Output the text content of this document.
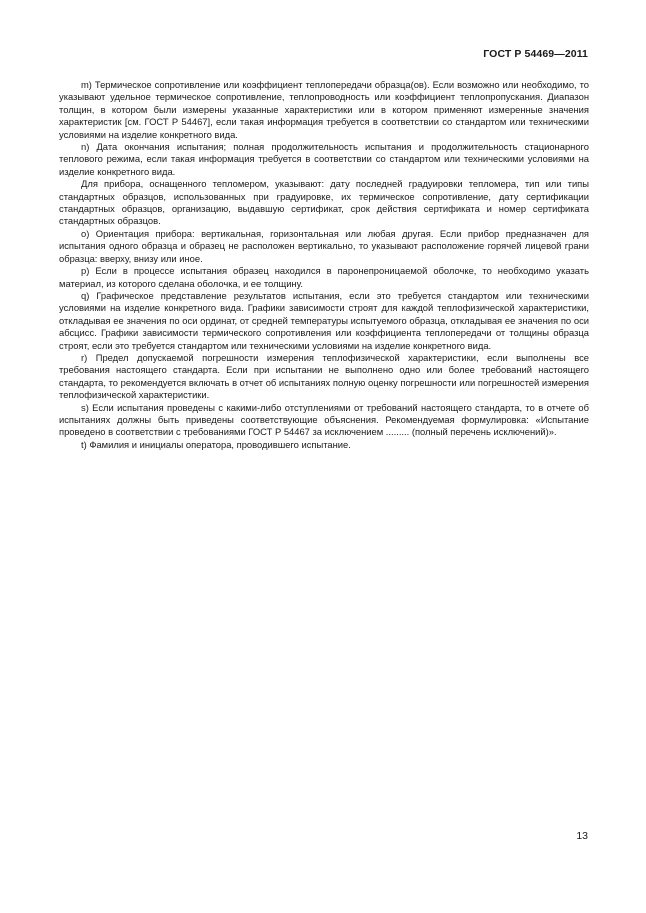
ГОСТ Р 54469—2011

m) Термическое сопротивление или коэффициент теплопередачи образца(ов). Если возможно или необходимо, то указывают удельное термическое сопротивление, теплопроводность или коэффициент теплопропускания. Диапазон толщин, в котором были измерены указанные характеристики или в котором применяют измеренные значения характеристик [см. ГОСТ Р 54467], если такая информация требуется в соответствии со стандартом или техническими условиями на изделие конкретного вида.

n) Дата окончания испытания; полная продолжительность испытания и продолжительность стационарного теплового режима, если такая информация требуется в соответствии со стандартом или техническими условиями на изделие конкретного вида.

Для прибора, оснащенного тепломером, указывают: дату последней градуировки тепломера, тип или типы стандартных образцов, использованных при градуировке, их термическое сопротивление, дату сертификации стандартных образцов, организацию, выдавшую сертификат, срок действия сертификата и номер сертификата стандартных образцов.

o) Ориентация прибора: вертикальная, горизонтальная или любая другая. Если прибор предназначен для испытания одного образца и образец не расположен вертикально, то указывают расположение горячей лицевой грани образца: вверху, внизу или иное.

p) Если в процессе испытания образец находился в паронепроницаемой оболочке, то необходимо указать материал, из которого сделана оболочка, и ее толщину.

q) Графическое представление результатов испытания, если это требуется стандартом или техническими условиями на изделие конкретного вида. Графики зависимости строят для каждой теплофизической характеристики, откладывая ее значения по оси ординат, от средней температуры испытуемого образца, откладывая ее значения по оси абсцисс. Графики зависимости термического сопротивления или коэффициента теплопередачи от толщины образца строят, если это требуется стандартом или техническими условиями на изделие конкретного вида.

r) Предел допускаемой погрешности измерения теплофизической характеристики, если выполнены все требования настоящего стандарта. Если при испытании не выполнено одно или более требований настоящего стандарта, то рекомендуется включать в отчет об испытаниях полную оценку погрешности или погрешностей измерения теплофизической характеристики.

s) Если испытания проведены с какими-либо отступлениями от требований настоящего стандарта, то в отчете об испытаниях должны быть приведены соответствующие объяснения. Рекомендуемая формулировка: «Испытание проведено в соответствии с требованиями ГОСТ Р 54467 за исключением ......... (полный перечень исключений)».

t) Фамилия и инициалы оператора, проводившего испытание.

13
